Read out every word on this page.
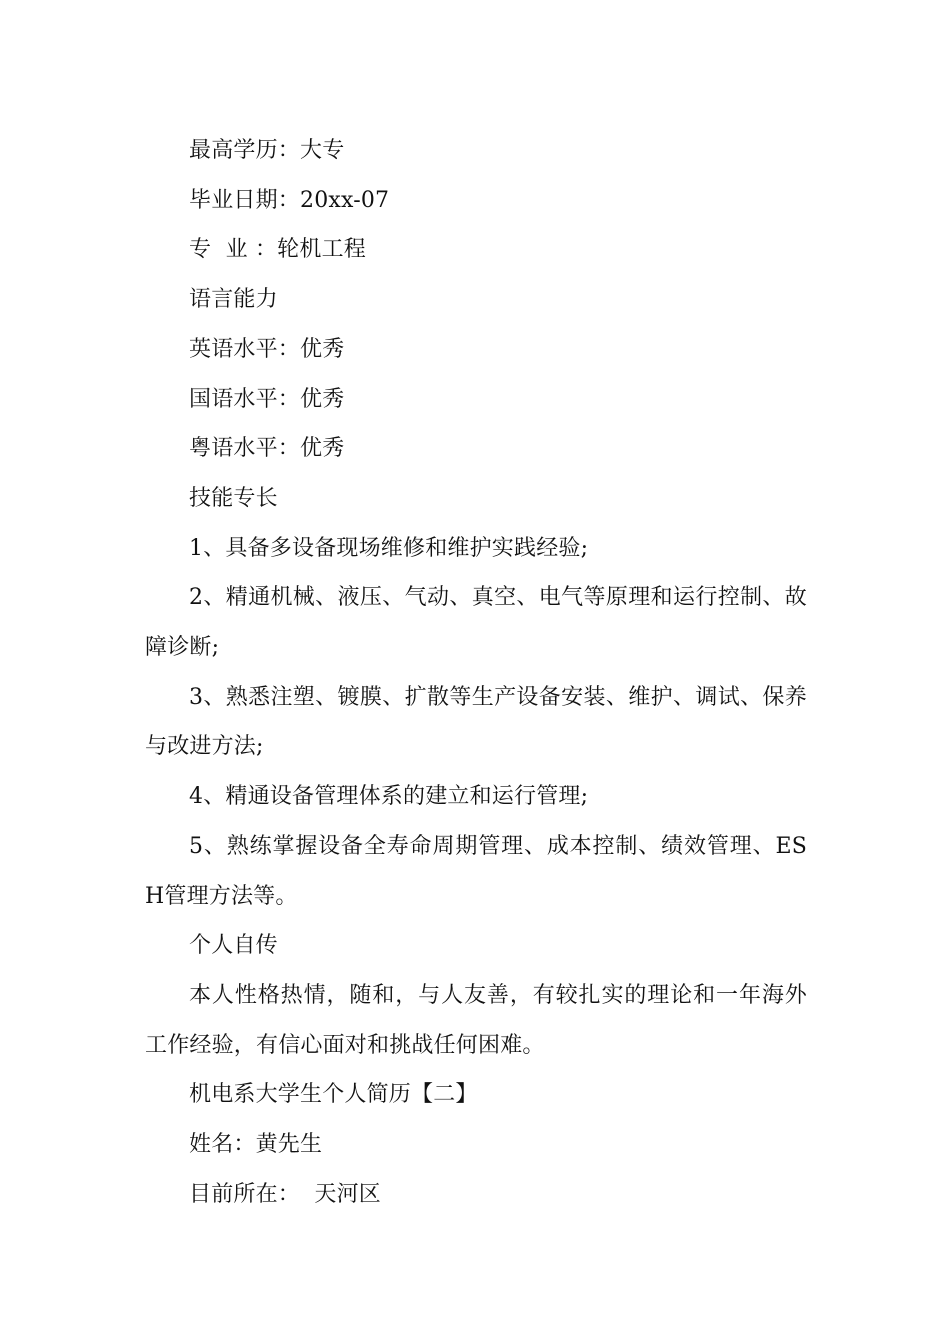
最高学历：大专

毕业日期：20xx-07

专  业 ：轮机工程

语言能力

英语水平：优秀

国语水平：优秀

粤语水平：优秀

技能专长

1、具备多设备现场维修和维护实践经验;

2、精通机械、液压、气动、真空、电气等原理和运行控制、故障诊断;

3、熟悉注塑、镀膜、扩散等生产设备安装、维护、调试、保养与改进方法;

4、精通设备管理体系的建立和运行管理;

5、熟练掌握设备全寿命周期管理、成本控制、绩效管理、ESH管理方法等。

个人自传

本人性格热情，随和，与人友善，有较扎实的理论和一年海外工作经验，有信心面对和挑战任何困难。

机电系大学生个人简历【二】

姓名：黄先生

目前所在：  天河区
